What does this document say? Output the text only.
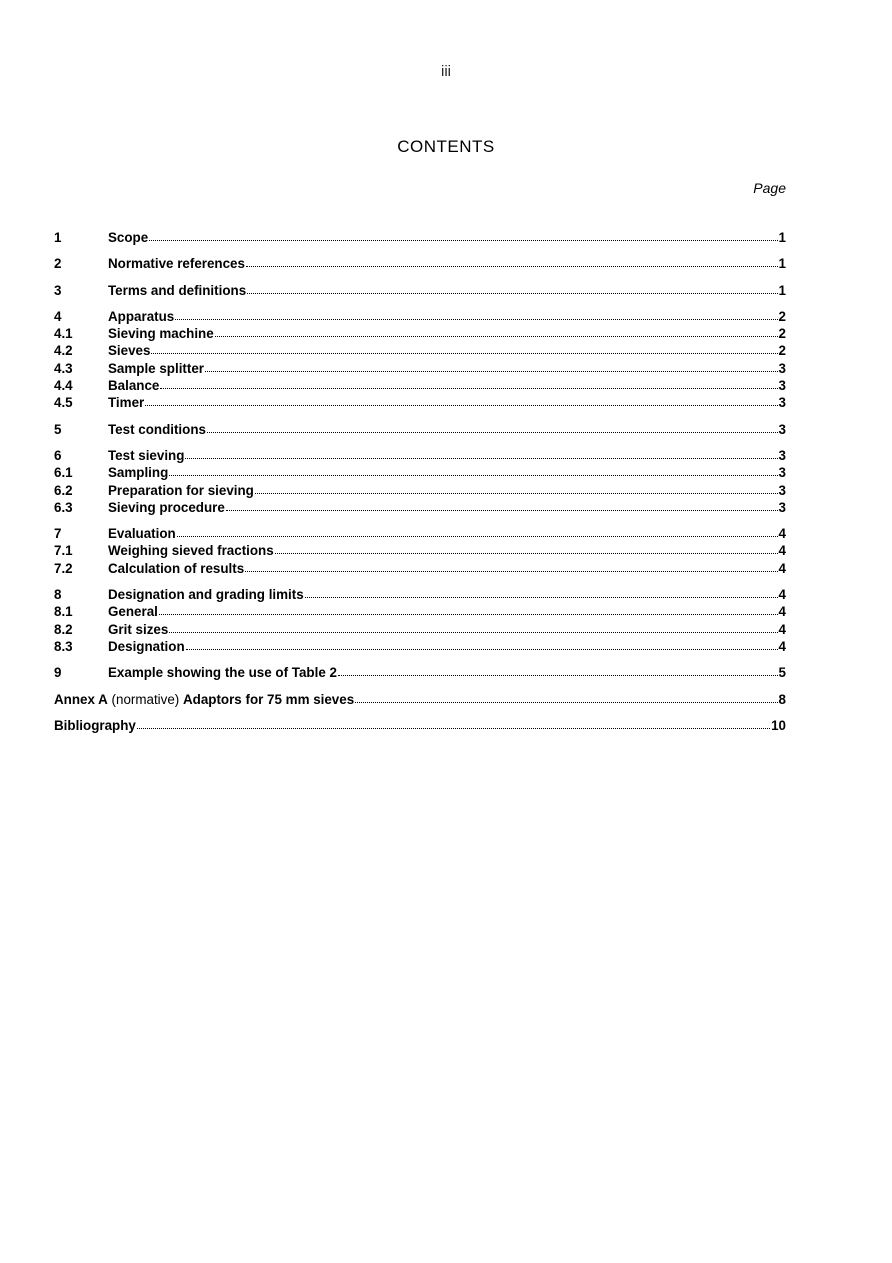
iii
CONTENTS
Page
1	Scope	1
2	Normative references	1
3	Terms and definitions	1
4	Apparatus	2
4.1	Sieving machine	2
4.2	Sieves	2
4.3	Sample splitter	3
4.4	Balance	3
4.5	Timer	3
5	Test conditions	3
6	Test sieving	3
6.1	Sampling	3
6.2	Preparation for sieving	3
6.3	Sieving procedure	3
7	Evaluation	4
7.1	Weighing sieved fractions	4
7.2	Calculation of results	4
8	Designation and grading limits	4
8.1	General	4
8.2	Grit sizes	4
8.3	Designation	4
9	Example showing the use of Table 2	5
Annex A (normative) Adaptors for 75 mm sieves	8
Bibliography	10
